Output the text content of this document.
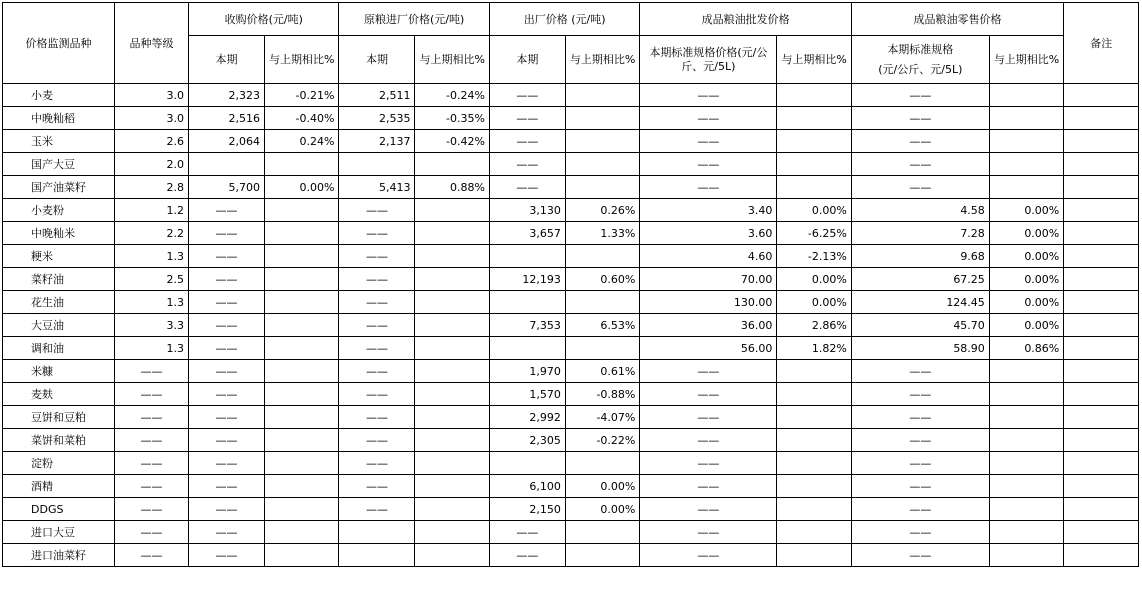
价格监测品种	品种等级	收购价格(元/吨)		原粮进厂价格(元/吨)		出厂价格 (元/吨)		成品粮油批发价格		成品粮油零售价格		备注
		本期	与上期相比%	本期	与上期相比%	本期	与上期相比%	本期标准规格价格(元/公斤、元/5L)	与上期相比%	本期标准规格
(元/公斤、元/5L)	与上期相比%	
小麦	3.0	2,323	-0.21%	2,511	-0.24%	——		——		——		
中晚籼稻	3.0	2,516	-0.40%	2,535	-0.35%	——		——		——		
玉米	2.6	2,064	0.24%	2,137	-0.42%	——		——		——		
国产大豆	2.0					——		——		——		
国产油菜籽	2.8	5,700	0.00%	5,413	0.88%	——		——		——		
小麦粉	1.2	——		——		3,130	0.26%	3.40	0.00%	4.58	0.00%	
中晚籼米	2.2	——		——		3,657	1.33%	3.60	-6.25%	7.28	0.00%	
粳米	1.3	——		——				4.60	-2.13%	9.68	0.00%	
菜籽油	2.5	——		——		12,193	0.60%	70.00	0.00%	67.25	0.00%	
花生油	1.3	——		——				130.00	0.00%	124.45	0.00%	
大豆油	3.3	——		——		7,353	6.53%	36.00	2.86%	45.70	0.00%	
调和油	1.3	——		——				56.00	1.82%	58.90	0.86%	
米糠	——	——		——		1,970	0.61%	——		——		
麦麸	——	——		——		1,570	-0.88%	——		——		
豆饼和豆粕	——	——		——		2,992	-4.07%	——		——		
菜饼和菜粕	——	——		——		2,305	-0.22%	——		——		
淀粉	——	——		——				——		——		
酒精	——	——		——		6,100	0.00%	——		——		
DDGS	——	——		——		2,150	0.00%	——		——		
进口大豆	——	——				——		——		——		
进口油菜籽	——	——				——		——		——		
